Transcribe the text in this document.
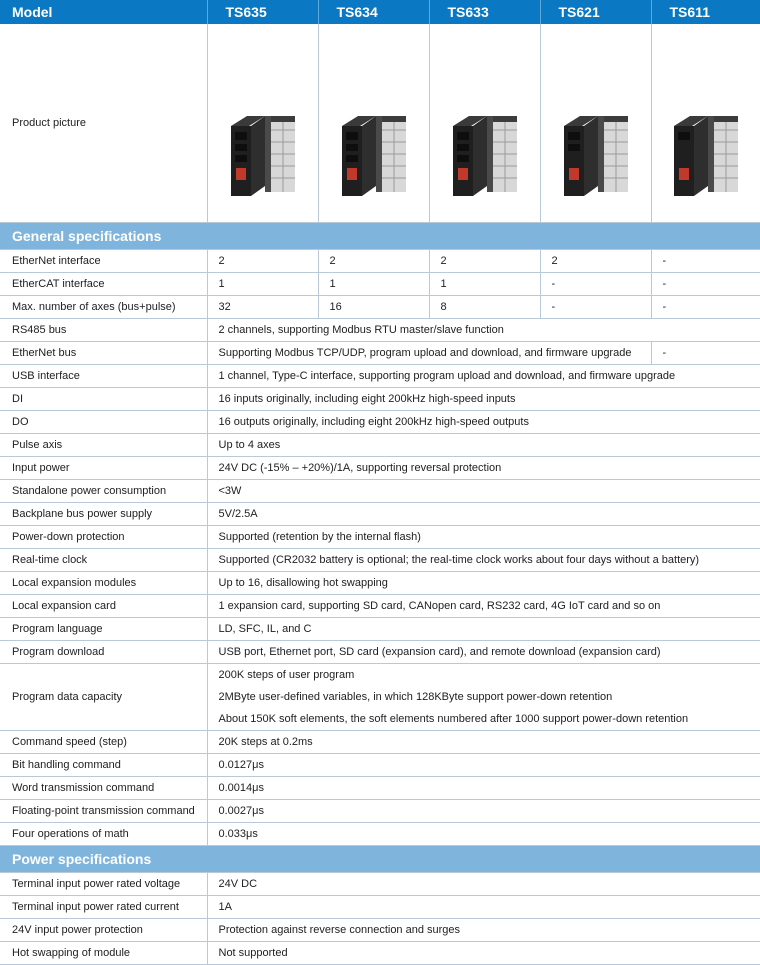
Model	TS635	TS634	TS633	TS621	TS611
Product picture	

General specifications					
EtherNet interface	2	2	2	2	-
EtherCAT interface	1	1	1	-	-
Max. number of axes (bus+pulse)	32	16	8	-	-
RS485 bus	2 channels, supporting Modbus RTU master/slave function				
EtherNet bus	Supporting Modbus TCP/UDP, program upload and download, and firmware upgrade				-
USB interface	1 channel, Type-C interface, supporting program upload and download, and firmware upgrade				
DI	16 inputs originally, including eight 200kHz high-speed inputs				
DO	16 outputs originally, including eight 200kHz high-speed outputs				
Pulse axis	Up to 4 axes				
Input power	24V DC (-15% – +20%)/1A, supporting reversal protection				
Standalone power consumption	<3W				
Backplane bus power supply	5V/2.5A				
Power-down protection	Supported (retention by the internal flash)				
Real-time clock	Supported (CR2032 battery is optional; the real-time clock works about four days without a battery)				
Local expansion modules	Up to 16, disallowing hot swapping				
Local expansion card	1 expansion card, supporting SD card, CANopen card, RS232 card, 4G IoT card and so on				
Program language	LD, SFC, IL, and C				
Program download	USB port, Ethernet port, SD card (expansion card), and remote download (expansion card)				
Program data capacity	200K steps of user program
2MByte user-defined variables, in which 128KByte support power-down retention
About 150K soft elements, the soft elements numbered after 1000 support power-down retention				

Command speed (step)	20K steps at 0.2ms				
Bit handling command	0.0127μs				
Word transmission command	0.0014μs				
Floating-point transmission command	0.0027μs				
Four operations of math	0.033μs				
Power specifications					
Terminal input power rated voltage	24V DC				
Terminal input power rated current	1A				
24V input power protection	Protection against reverse connection and surges				
Hot swapping of module	Not supported				
